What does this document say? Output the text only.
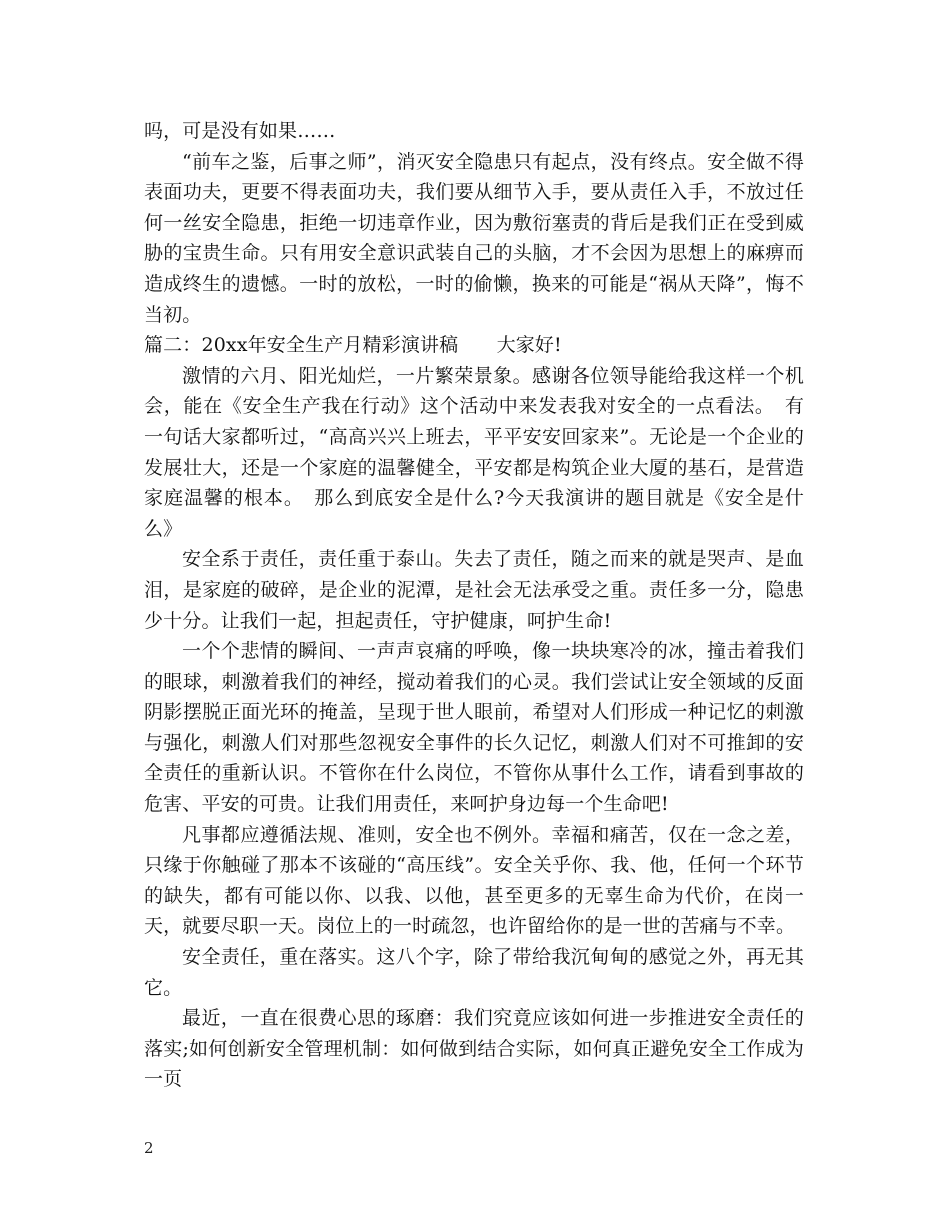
吗，可是没有如果……

“前车之鉴，后事之师”，消灭安全隐患只有起点，没有终点。安全做不得表面功夫，更要不得表面功夫，我们要从细节入手，要从责任入手，不放过任何一丝安全隐患，拒绝一切违章作业，因为敷衍塞责的背后是我们正在受到威胁的宝贵生命。只有用安全意识武装自己的头脑，才不会因为思想上的麻痹而造成终生的遗憾。一时的放松，一时的偷懒，换来的可能是“祸从天降”，悔不当初。

篇二：20xx年安全生产月精彩演讲稿　　大家好!

激情的六月、阳光灿烂，一片繁荣景象。感谢各位领导能给我这样一个机会，能在《安全生产我在行动》这个活动中来发表我对安全的一点看法。　有一句话大家都听过，“高高兴兴上班去，平平安安回家来”。无论是一个企业的发展壮大，还是一个家庭的温馨健全，平安都是构筑企业大厦的基石，是营造家庭温馨的根本。　那么到底安全是什么?今天我演讲的题目就是《安全是什么》

安全系于责任，责任重于泰山。失去了责任，随之而来的就是哭声、是血泪，是家庭的破碎，是企业的泥潭，是社会无法承受之重。责任多一分，隐患少十分。让我们一起，担起责任，守护健康，呵护生命!

一个个悲情的瞬间、一声声哀痛的呼唤，像一块块寒冷的冰，撞击着我们的眼球，刺激着我们的神经，搅动着我们的心灵。我们尝试让安全领域的反面阴影摆脱正面光环的掩盖，呈现于世人眼前，希望对人们形成一种记忆的刺激与强化，刺激人们对那些忽视安全事件的长久记忆，刺激人们对不可推卸的安全责任的重新认识。不管你在什么岗位，不管你从事什么工作，请看到事故的危害、平安的可贵。让我们用责任，来呵护身边每一个生命吧!

凡事都应遵循法规、准则，安全也不例外。幸福和痛苦，仅在一念之差，只缘于你触碰了那本不该碰的“高压线”。安全关乎你、我、他，任何一个环节的缺失，都有可能以你、以我、以他，甚至更多的无辜生命为代价，在岗一天，就要尽职一天。岗位上的一时疏忽，也许留给你的是一世的苦痛与不幸。

安全责任，重在落实。这八个字，除了带给我沉甸甸的感觉之外，再无其它。

最近，一直在很费心思的琢磨：我们究竟应该如何进一步推进安全责任的落实;如何创新安全管理机制：如何做到结合实际，如何真正避免安全工作成为一页

2
